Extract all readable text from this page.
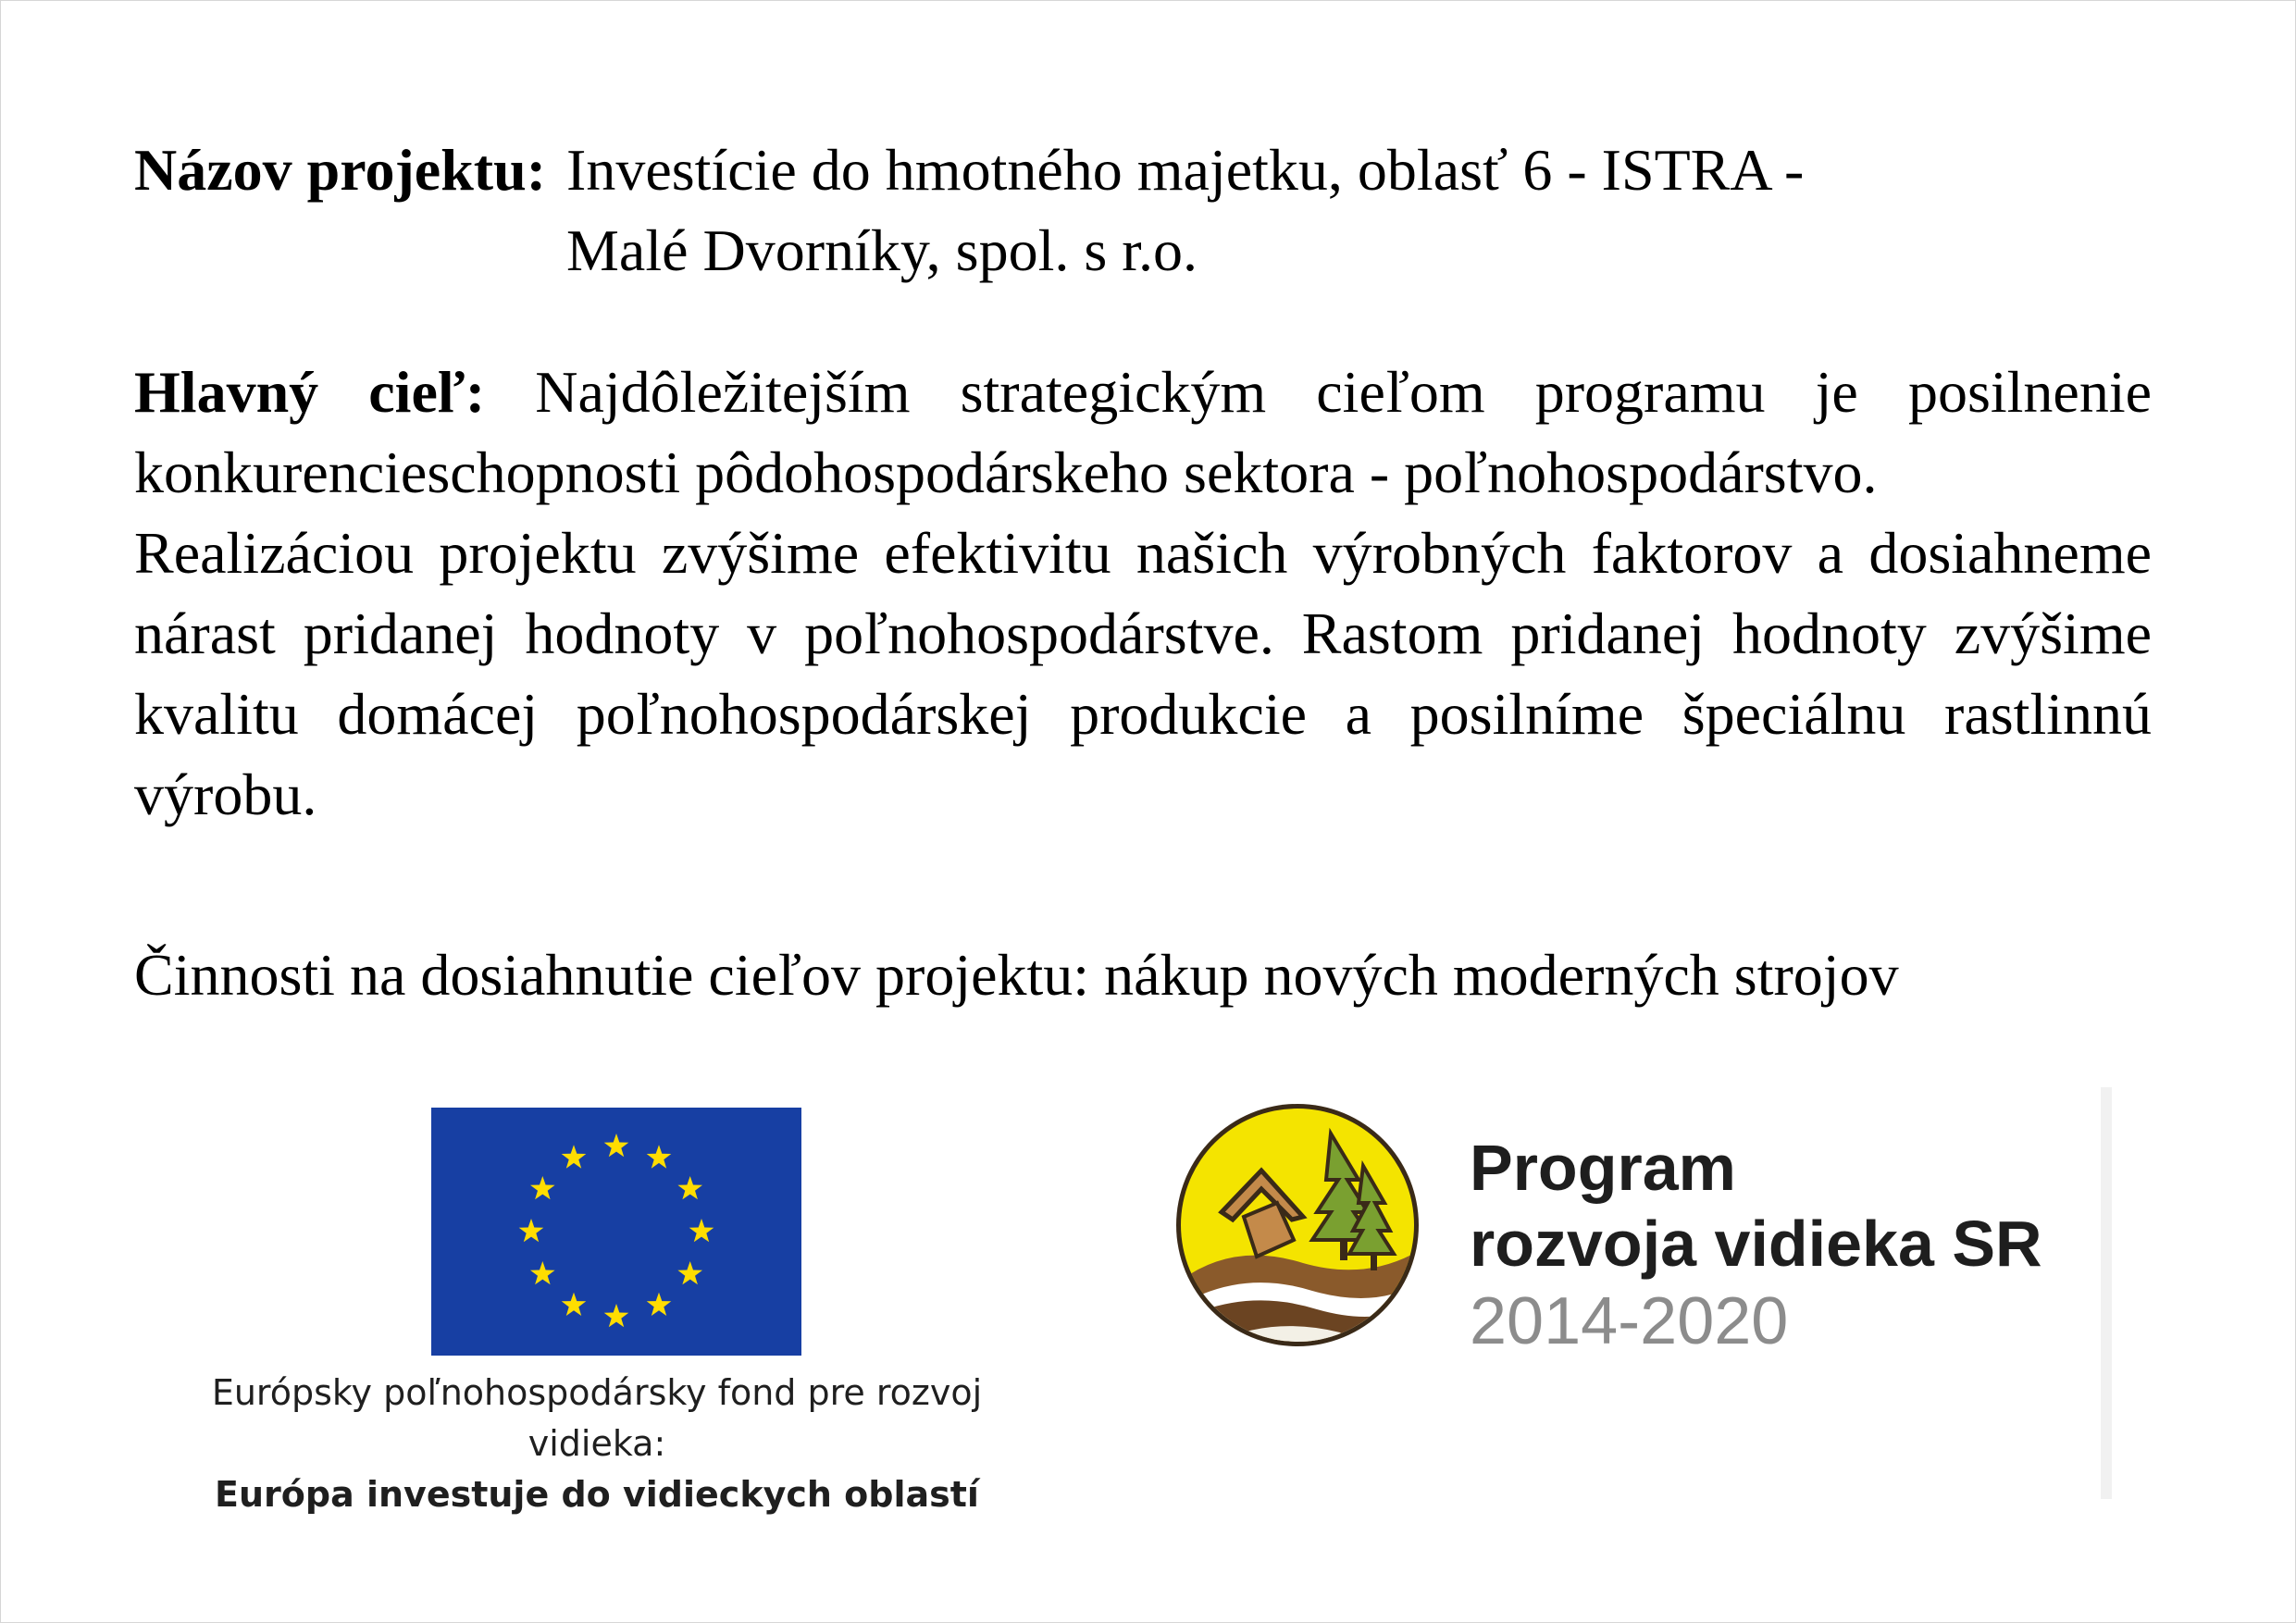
Názov projektu: Investície do hmotného majetku, oblasť 6 - ISTRA -
Malé Dvorníky, spol. s r.o.
Hlavný cieľ: Najdôležitejším strategickým cieľom programu je posilnenie konkurencieschopnosti pôdohospodárskeho sektora - poľnohospodárstvo.
Realizáciou projektu zvýšime efektivitu našich výrobných faktorov a dosiahneme nárast pridanej hodnoty v poľnohospodárstve. Rastom pridanej hodnoty zvýšime kvalitu domácej poľnohospodárskej produkcie a posilníme špeciálnu rastlinnú výrobu.
Činnosti na dosiahnutie cieľov projektu: nákup nových moderných strojov
Európsky poľnohospodársky fond pre rozvoj vidieka:
Európa investuje do vidieckych oblastí
Program
rozvoja vidieka SR
2014-2020
